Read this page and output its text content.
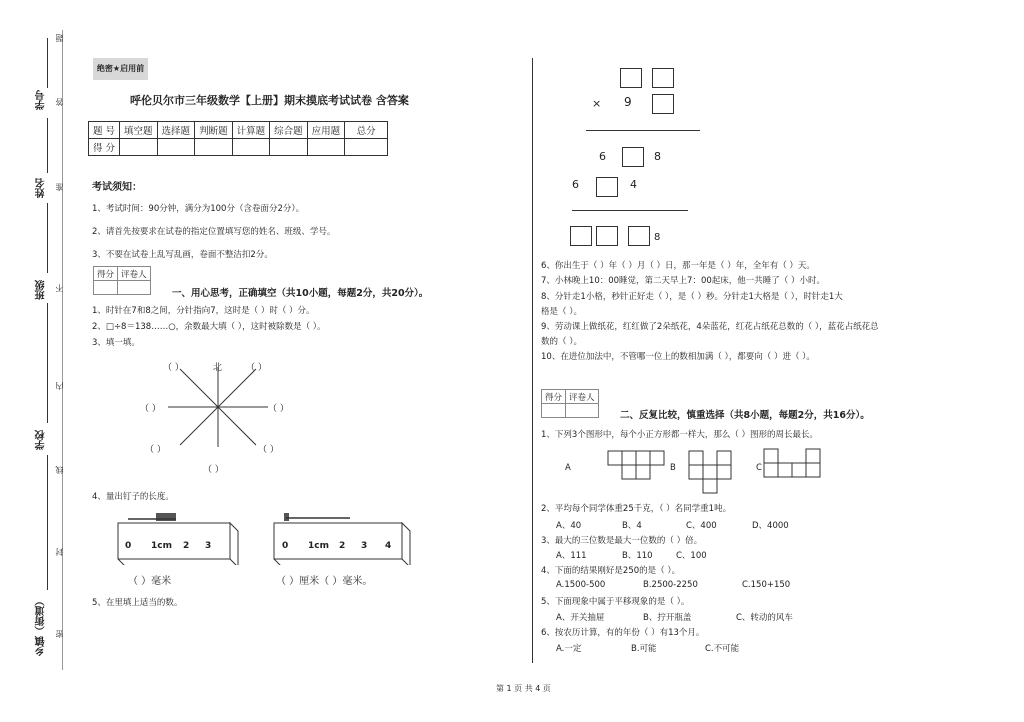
题
学号 答
姓名 准
班级 不
内
学校
线
封
乡镇（街道） 密
绝密★启用前
呼伦贝尔市三年级数学【上册】期末摸底考试试卷 含答案
题 号	填空题	选择题	判断题	计算题	综合题	应用题	总分
得 分							
考试须知：
1、考试时间：90分钟，满分为100分（含卷面分2分）。
2、请首先按要求在试卷的指定位置填写您的姓名、班级、学号。
3、不要在试卷上乱写乱画，卷面不整洁扣2分。
得分	评卷人

一、用心思考，正确填空（共10小题，每题2分，共20分）。
1、时针在7和8之间，分针指向7，这时是（ ）时（ ）分。
2、□÷8＝138……○，余数最大填（ ），这时被除数是（ ）。
3、填一填。
（ ）	北	（ ）
（ ）	（ ）
（ ）	（ ）
（ ）
4、量出钉子的长度。
0 1cm 2 3
（ ）毫米
0 1cm 2 3 4
（ ）厘米（ ）毫米。
5、在里填上适当的数。
× 9
6	8
6	4
8
6、你出生于（ ）年（ ）月（ ）日，那一年是（ ）年，全年有（ ）天。
7、小林晚上10：00睡觉，第二天早上7：00起床，他一共睡了（ ）小时。
8、分针走1小格，秒针正好走（ ），是（ ）秒。分针走1大格是（ ），时针走1大
格是（ ）。
9、劳动课上做纸花，红红做了2朵纸花，4朵蓝花，红花占纸花总数的（ ），蓝花占纸花总
数的（ ）。
10、在进位加法中，不管哪一位上的数相加满（ ），都要向（ ）进（ ）。
得分	评卷人

二、反复比较，慎重选择（共8小题，每题2分，共16分）。
1、下列3个图形中，每个小正方形都一样大，那么（ ）图形的周长最长。
A	B	C
2、平均每个同学体重25千克，（ ）名同学重1吨。
A、40	B、4	C、400	D、4000
3、最大的三位数是最大一位数的（ ）倍。
A、111	B、110	C、100
4、下面的结果刚好是250的是（ ）。
A.1500-500	B.2500-2250	C.150+150
5、下面现象中属于平移现象的是（ ）。
A、开关抽屉	B、拧开瓶盖	C、转动的风车
6、按农历计算，有的年份（ ）有13个月。
A.一定	B.可能	C.不可能
第 1 页 共 4 页
